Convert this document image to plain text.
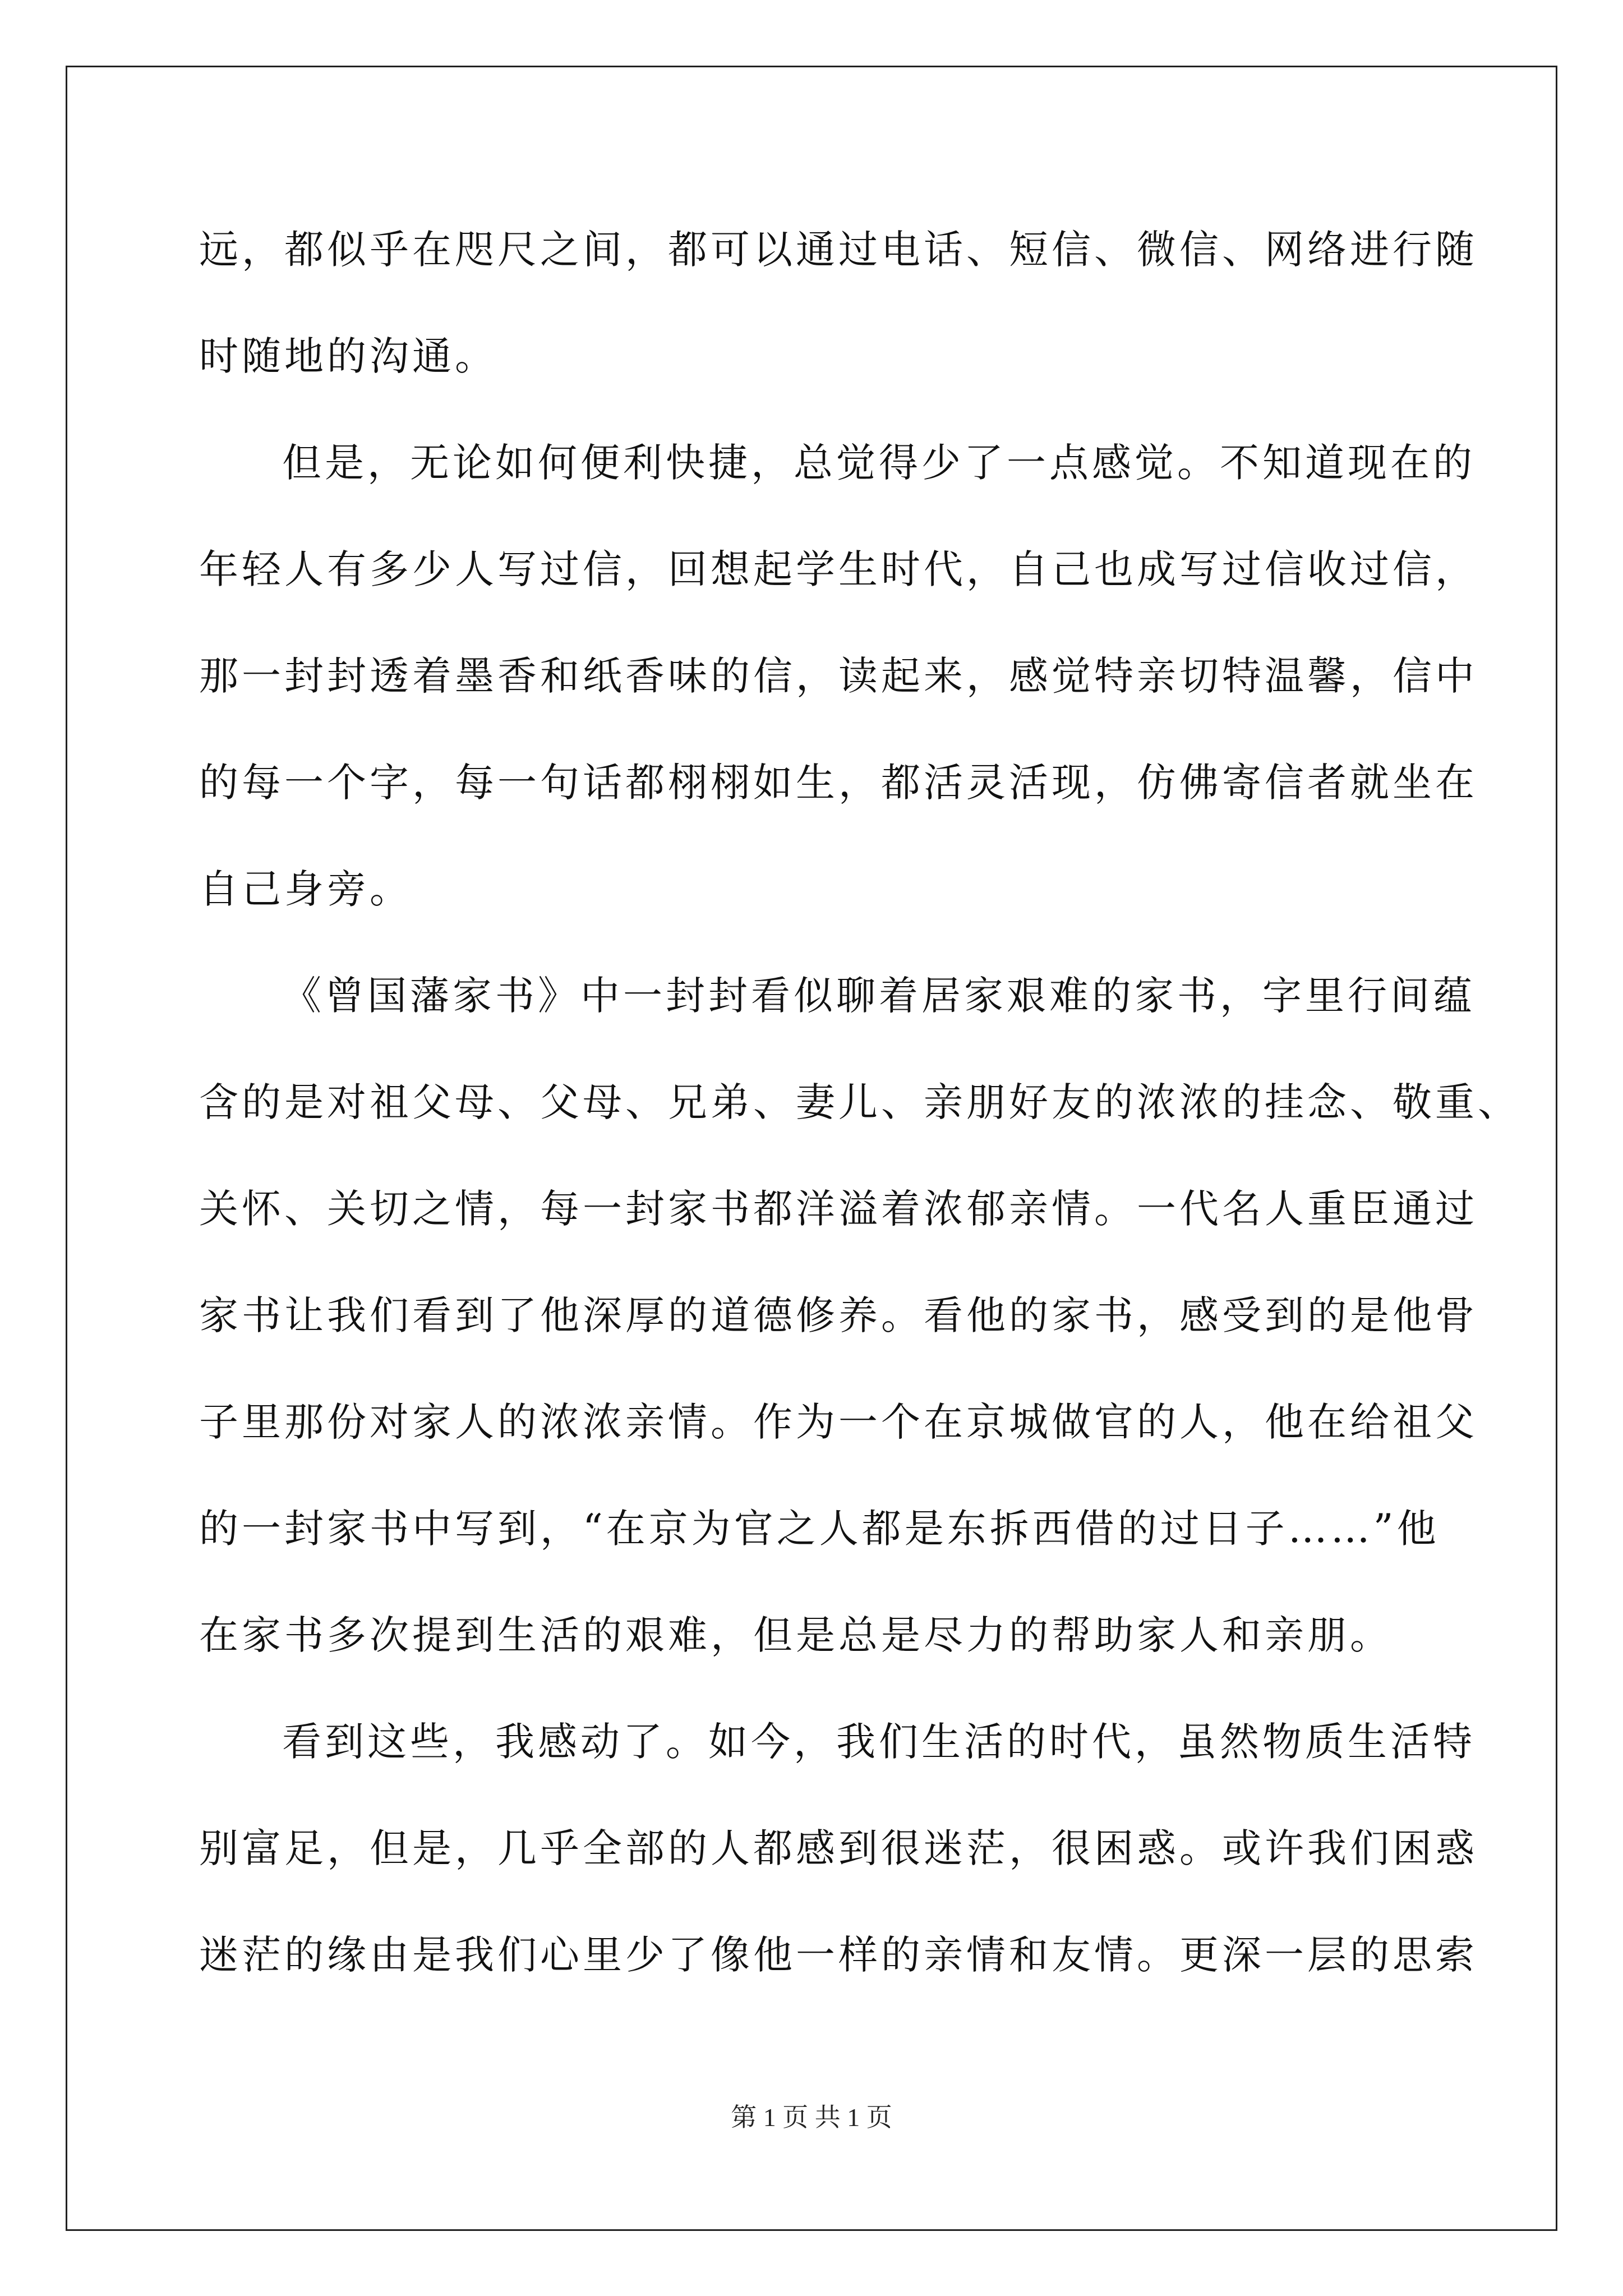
远，都似乎在咫尺之间，都可以通过电话、短信、微信、网络进行随
时随地的沟通。
但是，无论如何便利快捷，总觉得少了一点感觉。不知道现在的
年轻人有多少人写过信，回想起学生时代，自己也成写过信收过信，
那一封封透着墨香和纸香味的信，读起来，感觉特亲切特温馨，信中
的每一个字，每一句话都栩栩如生，都活灵活现，仿佛寄信者就坐在
自己身旁。
《曾国藩家书》中一封封看似聊着居家艰难的家书，字里行间蕴
含的是对祖父母、父母、兄弟、妻儿、亲朋好友的浓浓的挂念、敬重、
关怀、关切之情，每一封家书都洋溢着浓郁亲情。一代名人重臣通过
家书让我们看到了他深厚的道德修养。看他的家书，感受到的是他骨
子里那份对家人的浓浓亲情。作为一个在京城做官的人，他在给祖父
的一封家书中写到，“在京为官之人都是东拆西借的过日子……”他
在家书多次提到生活的艰难，但是总是尽力的帮助家人和亲朋。
看到这些，我感动了。如今，我们生活的时代，虽然物质生活特
别富足，但是，几乎全部的人都感到很迷茫，很困惑。或许我们困惑
迷茫的缘由是我们心里少了像他一样的亲情和友情。更深一层的思索
第 1 页 共 1 页
